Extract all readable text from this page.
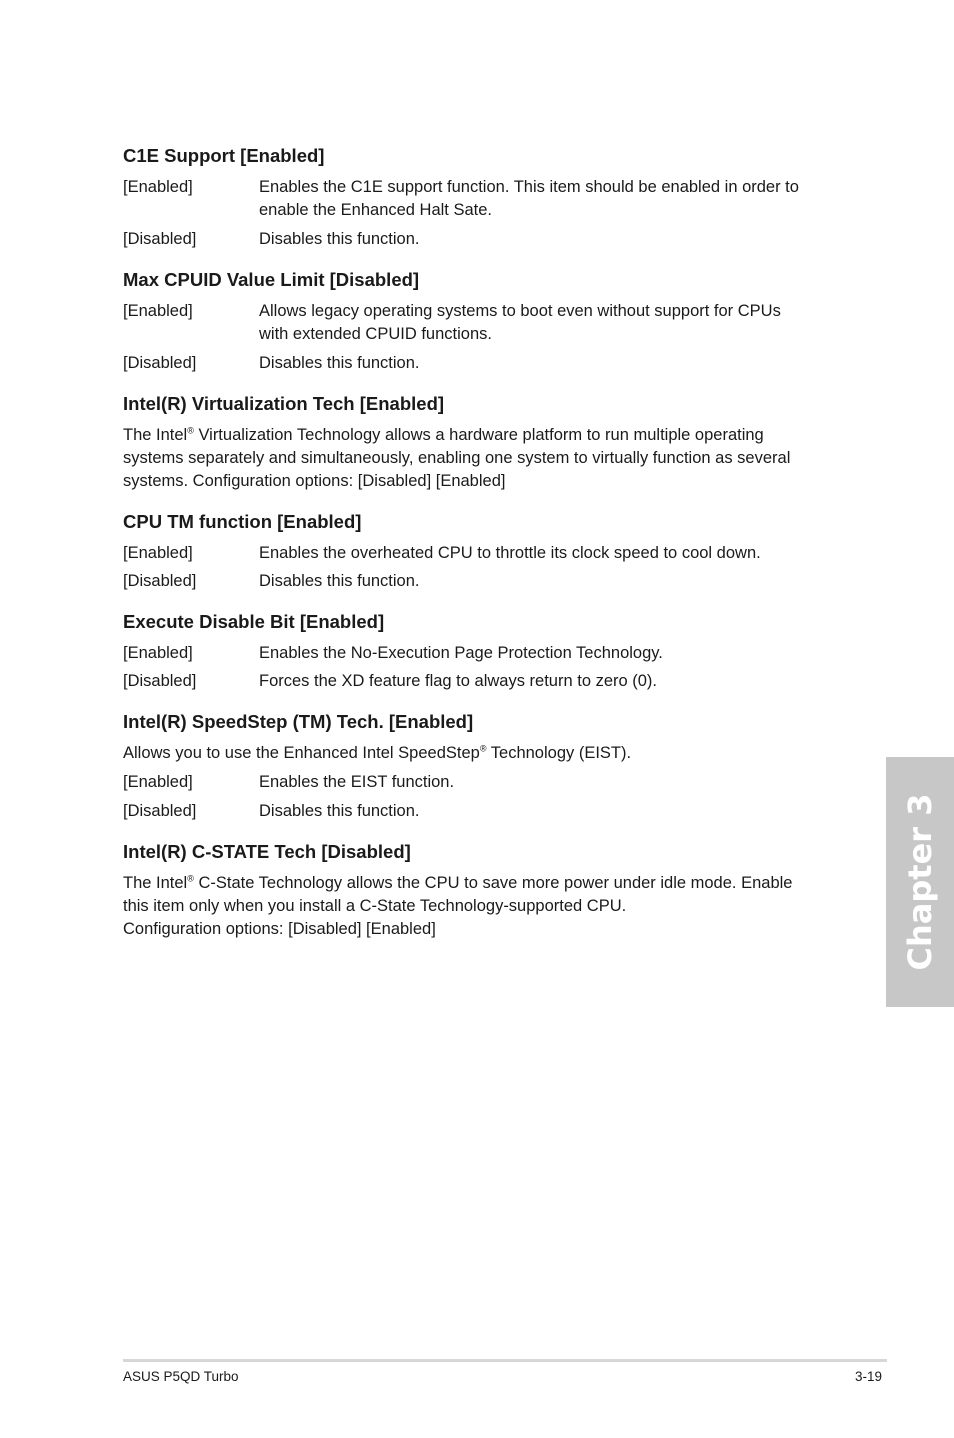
C1E Support [Enabled]
[Enabled]	Enables the C1E support function. This item should be enabled in order to
enable the Enhanced Halt Sate.
[Disabled]	Disables this function.
Max CPUID Value Limit [Disabled]
[Enabled]	Allows legacy operating systems to boot even without support for CPUs
with extended CPUID functions.
[Disabled]	Disables this function.
Intel(R) Virtualization Tech [Enabled]

The Intel® Virtualization Technology allows a hardware platform to run multiple operating
systems separately and simultaneously, enabling one system to virtually function as several
systems. Configuration options: [Disabled] [Enabled]

CPU TM function [Enabled]
[Enabled]	Enables the overheated CPU to throttle its clock speed to cool down.
[Disabled]	Disables this function.
Execute Disable Bit [Enabled]
[Enabled]	Enables the No-Execution Page Protection Technology.
[Disabled]	Forces the XD feature flag to always return to zero (0).
Intel(R) SpeedStep (TM) Tech. [Enabled]

Allows you to use the Enhanced Intel SpeedStep® Technology (EIST).

[Enabled]	Enables the EIST function.
[Disabled]	Disables this function.
Intel(R) C-STATE Tech [Disabled]

The Intel® C-State Technology allows the CPU to save more power under idle mode. Enable
this item only when you install a C-State Technology-supported CPU.
Configuration options: [Disabled] [Enabled]	Chapter 3
ASUS P5QD Turbo	3-19
